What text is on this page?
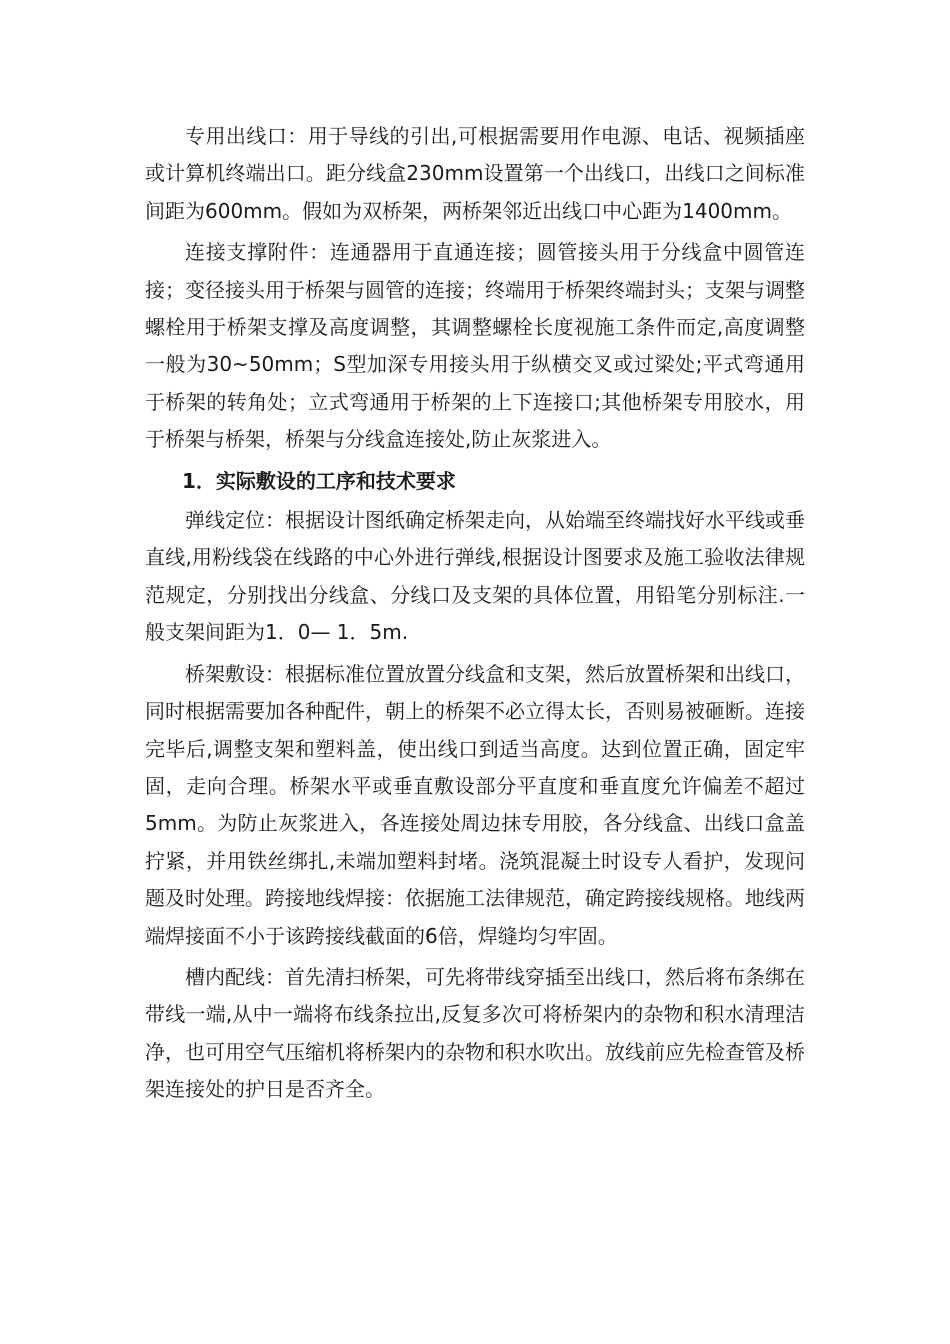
专用出线口：用于导线的引出,可根据需要用作电源、电话、视频插座或计算机终端出口。距分线盒230mm设置第一个出线口，出线口之间标准间距为600mm。假如为双桥架，两桥架邻近出线口中心距为1400mm。

连接支撑附件：连通器用于直通连接；圆管接头用于分线盒中圆管连接；变径接头用于桥架与圆管的连接；终端用于桥架终端封头；支架与调整螺栓用于桥架支撑及高度调整，其调整螺栓长度视施工条件而定,高度调整一般为30~50mm；S型加深专用接头用于纵横交叉或过梁处;平式弯通用于桥架的转角处；立式弯通用于桥架的上下连接口;其他桥架专用胶水，用于桥架与桥架，桥架与分线盒连接处,防止灰浆进入。

1．实际敷设的工序和技术要求

弹线定位：根据设计图纸确定桥架走向，从始端至终端找好水平线或垂直线,用粉线袋在线路的中心外进行弹线,根据设计图要求及施工验收法律规范规定，分别找出分线盒、分线口及支架的具体位置，用铅笔分别标注.一般支架间距为1．0— 1．5m.

桥架敷设：根据标准位置放置分线盒和支架，然后放置桥架和出线口，同时根据需要加各种配件，朝上的桥架不必立得太长，否则易被砸断。连接完毕后,调整支架和塑料盖，使出线口到适当高度。达到位置正确，固定牢固，走向合理。桥架水平或垂直敷设部分平直度和垂直度允许偏差不超过5mm。为防止灰浆进入，各连接处周边抹专用胶，各分线盒、出线口盒盖拧紧，并用铁丝绑扎,未端加塑料封堵。浇筑混凝土时设专人看护，发现问题及时处理。跨接地线焊接：依据施工法律规范，确定跨接线规格。地线两端焊接面不小于该跨接线截面的6倍，焊缝均匀牢固。

槽内配线：首先清扫桥架，可先将带线穿插至出线口，然后将布条绑在带线一端,从中一端将布线条拉出,反复多次可将桥架内的杂物和积水清理洁净，也可用空气压缩机将桥架内的杂物和积水吹出。放线前应先检查管及桥架连接处的护日是否齐全。
